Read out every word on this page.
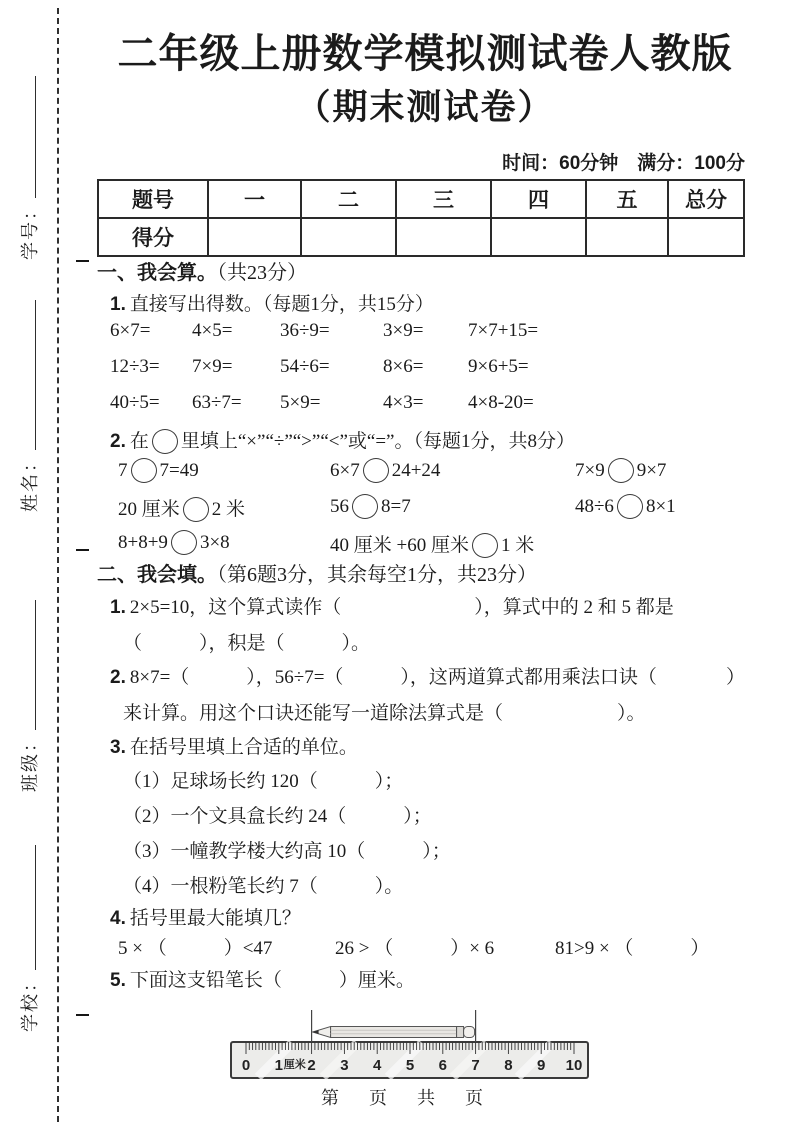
学号：
姓名：
班级：
学校：
二年级上册数学模拟测试卷人教版
（期末测试卷）
时间：60分钟　满分：100分
题号	一	二	三	四	五	总分
得分						
一、我会算。（共23分）
1. 直接写出得数。（每题1分，共15分）
6×7=	4×5=	36÷9=	3×9=	7×7+15=
12÷3=	7×9=	54÷6=	8×6=	9×6+5=
40÷5=	63÷7=	5×9=	4×3=	4×8-20=
2. 在 里填上“×”“÷”“>”“<”或“=”。（每题1分，共8分）
7 7=49	6×7 24+24	7×9 9×7
20 厘米 2 米	56 8=7	48÷6 8×1
8+8+9 3×8	40 厘米 +60 厘米 1 米
二、我会填。（第6题3分，其余每空1分，共23分）
1. 2×5=10，这个算式读作（　　　　　　　），算式中的 2 和 5 都是
（　　　），积是（　　　）。
）
2. 8×7=（　　　），56÷7=（　　　），这两道算式都用乘法口诀（
来计算。用这个口诀还能写一道除法算式是（　　　　　　）。
3. 在括号里填上合适的单位。
（1）足球场长约 120（　　　）；
（2）一个文具盒长约 24（　　　）；
（3）一幢教学楼大约高 10（　　　）；
（4）一根粉笔长约 7（　　　）。
4. 括号里最大能填几？
5 × （　　　）<47	26 > （　　　）× 6	81>9 × （　　　）
5. 下面这支铅笔长（　　　）厘米。
0 1 2 3 4 5 6 7 8 9 10
厘米
第　页　共　页
